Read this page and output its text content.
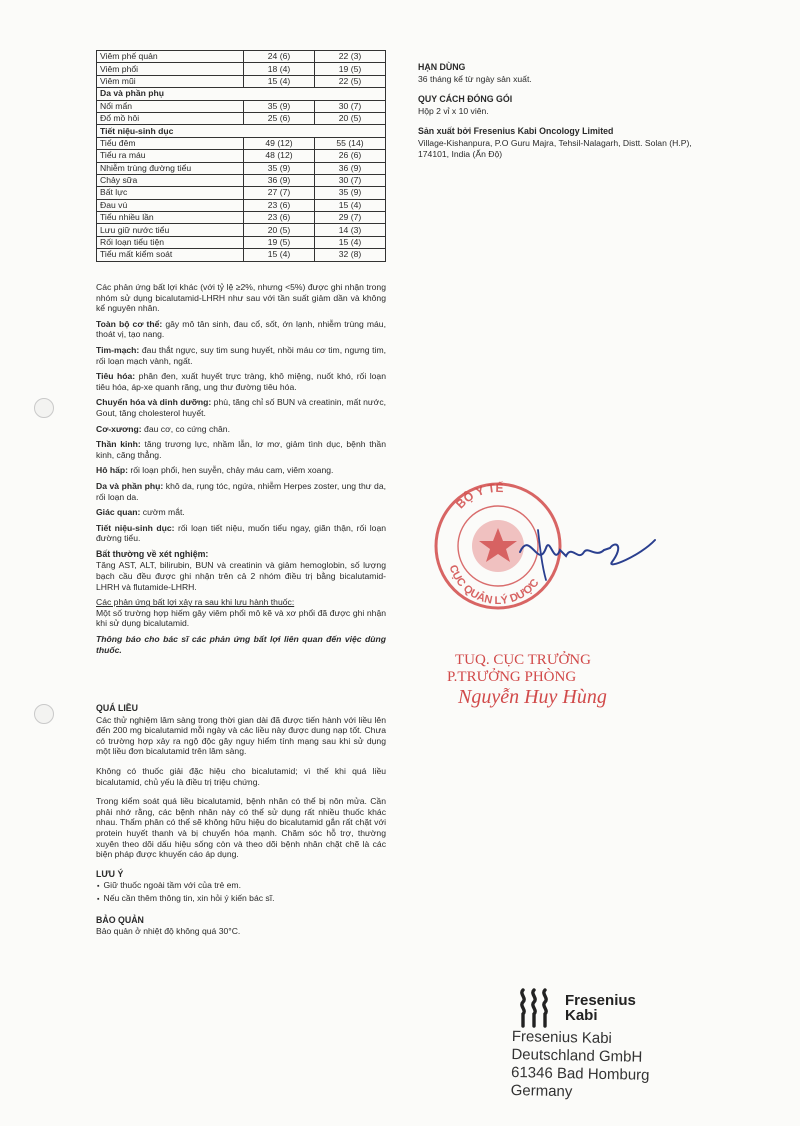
Viêm phế quản	24 (6)	22 (3)
Viêm phổi	18 (4)	19 (5)
Viêm mũi	15 (4)	22 (5)
Da và phần phụ		
Nổi mẩn	35 (9)	30 (7)
Đổ mồ hôi	25 (6)	20 (5)
Tiết niệu-sinh dục		
Tiểu đêm	49 (12)	55 (14)
Tiểu ra máu	48 (12)	26 (6)
Nhiễm trùng đường tiểu	35 (9)	36 (9)
Chảy sữa	36 (9)	30 (7)
Bất lực	27 (7)	35 (9)
Đau vú	23 (6)	15 (4)
Tiểu nhiều lần	23 (6)	29 (7)
Lưu giữ nước tiểu	20 (5)	14 (3)
Rối loạn tiểu tiện	19 (5)	15 (4)
Tiểu mất kiểm soát	15 (4)	32 (8)

Các phản ứng bất lợi khác (với tỷ lệ ≥2%, nhưng <5%) được ghi nhận trong nhóm sử dụng bicalutamid-LHRH như sau với tần suất giảm dần và không kể nguyên nhân.

Toàn bộ cơ thể: gây mô tân sinh, đau cổ, sốt, ớn lạnh, nhiễm trùng máu, thoát vị, tạo nang.

Tim-mạch: đau thắt ngực, suy tim sung huyết, nhồi máu cơ tim, ngưng tim, rối loạn mạch vành, ngất.

Tiêu hóa: phân đen, xuất huyết trực tràng, khô miệng, nuốt khó, rối loạn tiêu hóa, áp-xe quanh răng, ung thư đường tiêu hóa.

Chuyển hóa và dinh dưỡng: phù, tăng chỉ số BUN và creatinin, mất nước, Gout, tăng cholesterol huyết.

Cơ-xương: đau cơ, co cứng chân.

Thần kinh: tăng trương lực, nhầm lẫn, lơ mơ, giảm tình dục, bệnh thần kinh, căng thẳng.

Hô hấp: rối loạn phổi, hen suyễn, chảy máu cam, viêm xoang.

Da và phần phụ: khô da, rụng tóc, ngứa, nhiễm Herpes zoster, ung thư da, rối loạn da.

Giác quan: cườm mắt.

Tiết niệu-sinh dục: rối loạn tiết niệu, muốn tiểu ngay, giãn thận, rối loạn đường tiểu.

Bất thường về xét nghiệm:

Tăng AST, ALT, bilirubin, BUN và creatinin và giảm hemoglobin, số lượng bạch cầu đều được ghi nhận trên cả 2 nhóm điều trị bằng bicalutamid-LHRH và flutamide-LHRH.

Các phản ứng bất lợi xảy ra sau khi lưu hành thuốc:

Một số trường hợp hiếm gây viêm phổi mô kẽ và xơ phổi đã được ghi nhận khi sử dụng bicalutamid.

Thông báo cho bác sĩ các phản ứng bất lợi liên quan đến việc dùng thuốc.

QUÁ LIỀU

Các thử nghiệm lâm sàng trong thời gian dài đã được tiến hành với liều lên đến 200 mg bicalutamid mỗi ngày và các liều này được dung nạp tốt. Chưa có trường hợp xảy ra ngộ độc gây nguy hiểm tính mạng sau khi sử dụng một liều đơn bicalutamid trên lâm sàng.

Không có thuốc giải đặc hiệu cho bicalutamid; vì thế khi quá liều bicalutamid, chủ yếu là điều trị triệu chứng.

Trong kiểm soát quá liều bicalutamid, bệnh nhân có thể bị nôn mửa. Cần phải nhớ rằng, các bệnh nhân này có thể sử dụng rất nhiều thuốc khác nhau. Thẩm phân có thể sẽ không hữu hiệu do bicalutamid gắn rất chặt với protein huyết thanh và bị chuyển hóa mạnh. Chăm sóc hỗ trợ, thường xuyên theo dõi dấu hiệu sống còn và theo dõi bệnh nhân chặt chẽ là các biện pháp được khuyến cáo áp dụng.

LƯU Ý
▪ Giữ thuốc ngoài tầm với của trẻ em.
▪ Nếu cần thêm thông tin, xin hỏi ý kiến bác sĩ.
BẢO QUẢN

Bảo quản ở nhiệt độ không quá 30°C.

HẠN DÙNG

36 tháng kể từ ngày sản xuất.

QUY CÁCH ĐÓNG GÓI

Hộp 2 vỉ x 10 viên.

Sản xuất bởi Fresenius Kabi Oncology Limited

Village-Kishanpura, P.O Guru Majra, Tehsil-Nalagarh, Distt. Solan (H.P), 174101, India (Ấn Độ)

BỘ Y TẾ
CỤC QUẢN LÝ DƯỢC
TUQ. CỤC TRƯỞNG
P.TRƯỞNG PHÒNG
Nguyễn Huy Hùng
Fresenius
Kabi
Fresenius Kabi
Deutschland GmbH
61346 Bad Homburg
Germany
